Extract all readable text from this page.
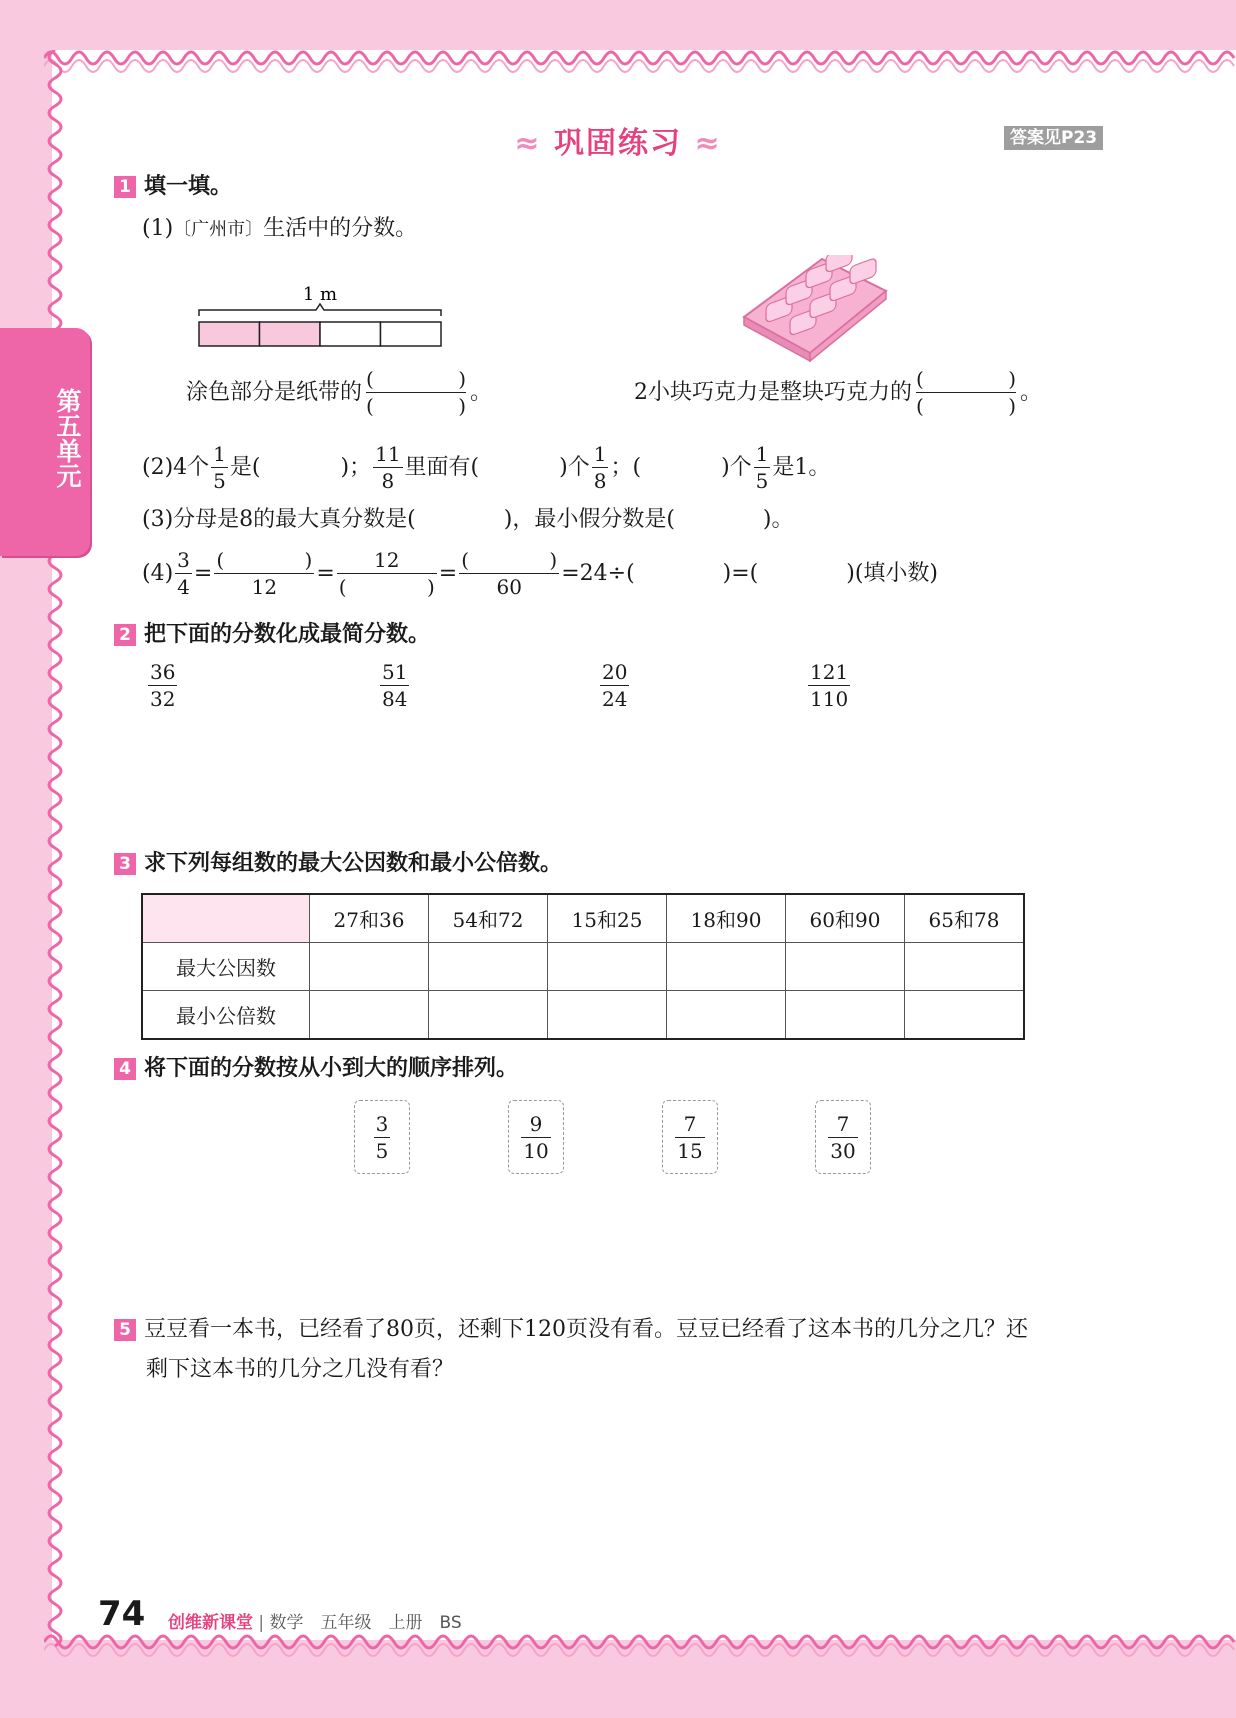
第五单元
≈ 巩固练习 ≈	答案见P23
1 填一填。
(1)〔广州市〕生活中的分数。
1 m
涂色部分是纸带的
(	)
(	)
。	2小块巧克力是整块巧克力的
(	)
(	)
。
(2)4个 $\frac{1}{5}$ 是(	)； $\frac{11}{8}$ 里面有(	)个 $\frac{1}{8}$ ；(	)个 $\frac{1}{5}$ 是1。
(3)分母是8的最大真分数是(　　　　)，最小假分数是(　　　　)。
$(4) \frac{3}{4}$ = (	)
12 = 12
(	) = (	)
60 =24÷(　　　　)=(　　　　)(填小数)
2 把下面的分数化成最简分数。
$\frac{36}{32}$	$\frac{51}{84}$	$\frac{20}{24}$	$\frac{121}{110}$
3 求下列每组数的最大公因数和最小公倍数。
	27和36	54和72	15和25	18和90	60和90	65和78
最大公因数						
最小公倍数						
4 将下面的分数按从小到大的顺序排列。
$\frac{3}{5}$	$\frac{9}{10}$	$\frac{7}{15}$	$\frac{7}{30}$
5 豆豆看一本书，已经看了80页，还剩下120页没有看。豆豆已经看了这本书的几分之几？还
剩下这本书的几分之几没有看？
74 创维新课堂 | 数学　五年级　上册　BS
